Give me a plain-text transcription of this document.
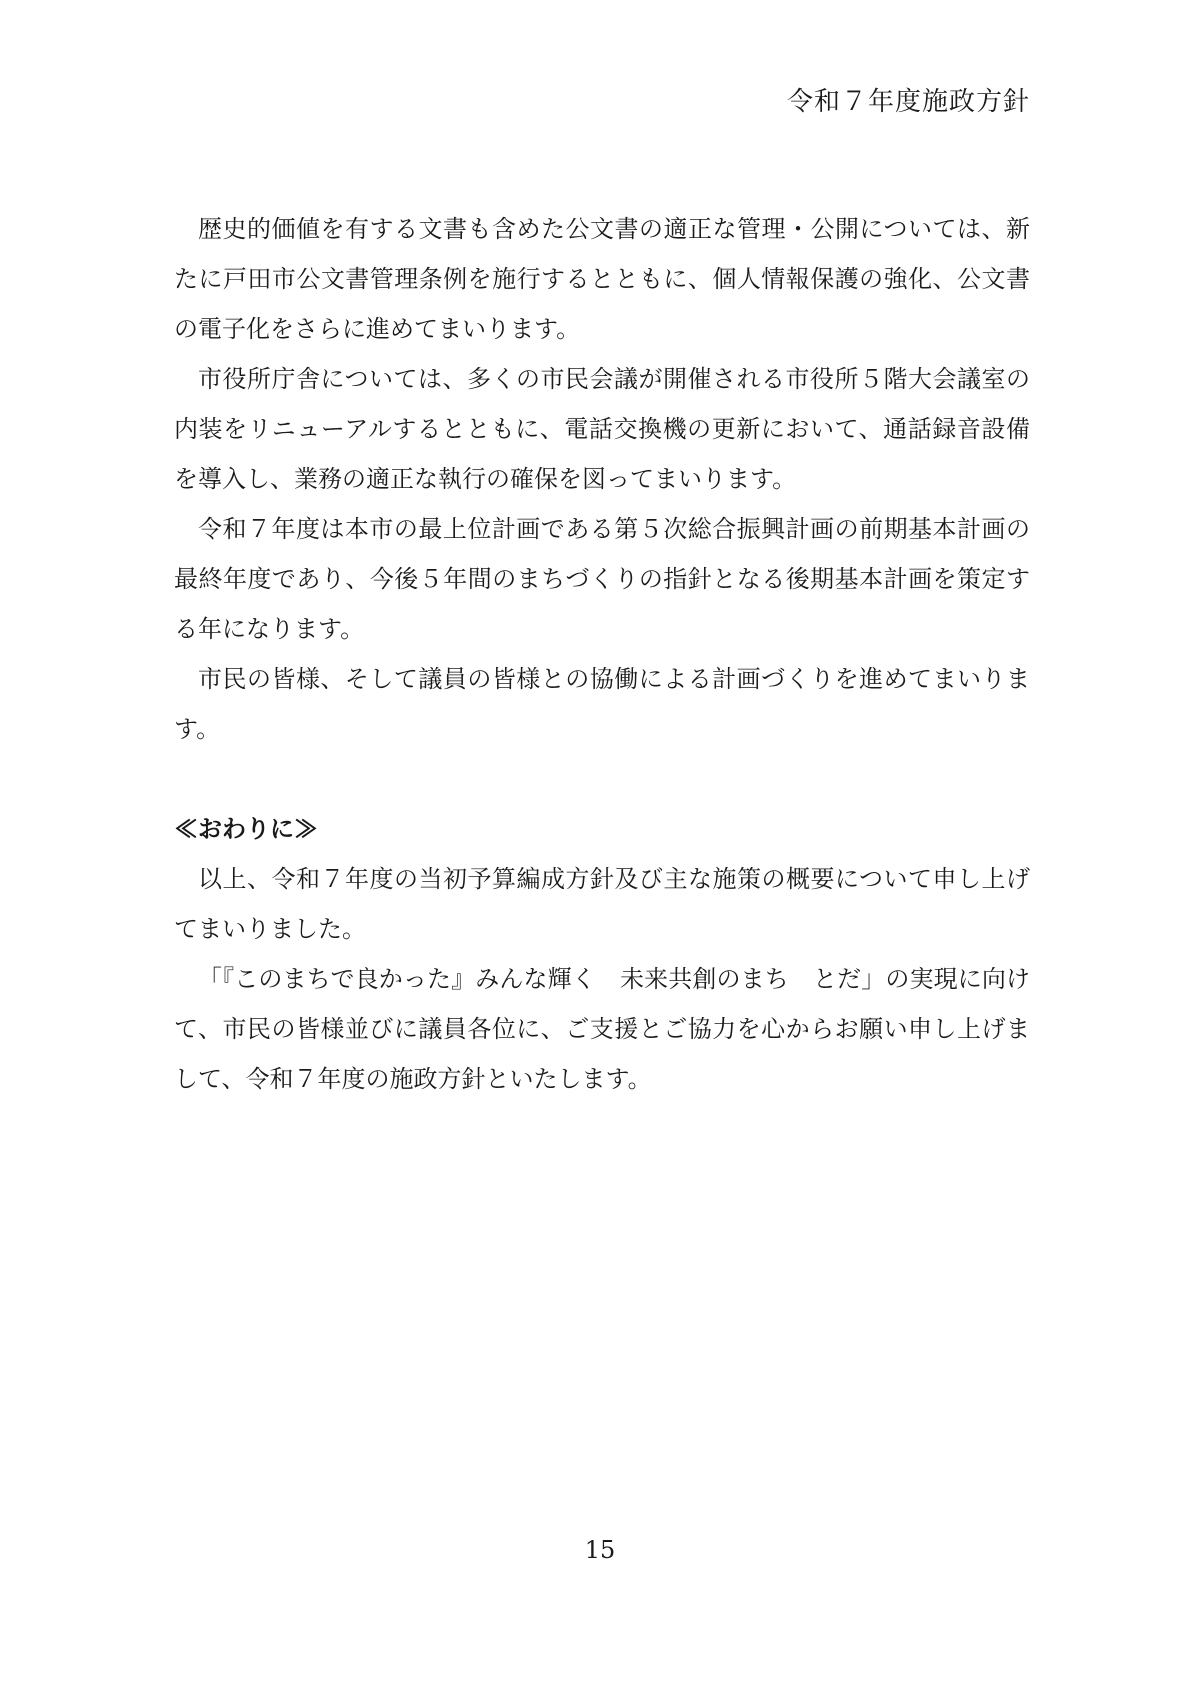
令和７年度施政方針

歴史的価値を有する文書も含めた公文書の適正な管理・公開については、新たに戸田市公文書管理条例を施行するとともに、個人情報保護の強化、公文書の電子化をさらに進めてまいります。

市役所庁舎については、多くの市民会議が開催される市役所５階大会議室の内装をリニューアルするとともに、電話交換機の更新において、通話録音設備を導入し、業務の適正な執行の確保を図ってまいります。

令和７年度は本市の最上位計画である第５次総合振興計画の前期基本計画の最終年度であり、今後５年間のまちづくりの指針となる後期基本計画を策定する年になります。

市民の皆様、そして議員の皆様との協働による計画づくりを進めてまいります。

≪おわりに≫

以上、令和７年度の当初予算編成方針及び主な施策の概要について申し上げてまいりました。

「『このまちで良かった』みんな輝く　未来共創のまち　とだ」の実現に向けて、市民の皆様並びに議員各位に、ご支援とご協力を心からお願い申し上げまして、令和７年度の施政方針といたします。

15
